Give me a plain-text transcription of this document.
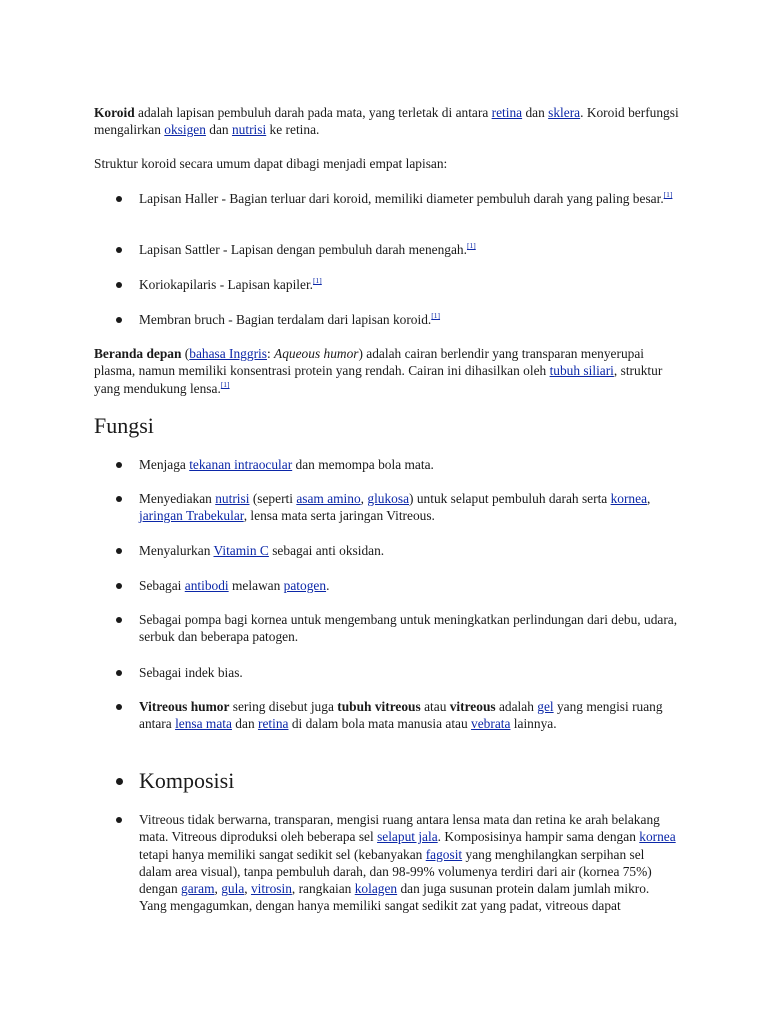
Koroid adalah lapisan pembuluh darah pada mata, yang terletak di antara retina dan sklera. Koroid berfungsi mengalirkan oksigen dan nutrisi ke retina.

Struktur koroid secara umum dapat dibagi menjadi empat lapisan:

Lapisan Haller - Bagian terluar dari koroid, memiliki diameter pembuluh darah yang paling besar.[1]

Lapisan Sattler - Lapisan dengan pembuluh darah menengah.[1]

Koriokapilaris - Lapisan kapiler.[1]

Membran bruch - Bagian terdalam dari lapisan koroid.[1]

Beranda depan (bahasa Inggris: Aqueous humor) adalah cairan berlendir yang transparan menyerupai plasma, namun memiliki konsentrasi protein yang rendah. Cairan ini dihasilkan oleh tubuh siliari, struktur yang mendukung lensa.[1]

Fungsi

Menjaga tekanan intraocular dan memompa bola mata.

Menyediakan nutrisi (seperti asam amino, glukosa) untuk selaput pembuluh darah serta kornea, jaringan Trabekular, lensa mata serta jaringan Vitreous.

Menyalurkan Vitamin C sebagai anti oksidan.

Sebagai antibodi melawan patogen.

Sebagai pompa bagi kornea untuk mengembang untuk meningkatkan perlindungan dari debu, udara, serbuk dan beberapa patogen.

Sebagai indek bias.

Vitreous humor sering disebut juga tubuh vitreous atau vitreous adalah gel yang mengisi ruang antara lensa mata dan retina di dalam bola mata manusia atau vebrata lainnya.

Komposisi

Vitreous tidak berwarna, transparan, mengisi ruang antara lensa mata dan retina ke arah belakang mata. Vitreous diproduksi oleh beberapa sel selaput jala. Komposisinya hampir sama dengan kornea tetapi hanya memiliki sangat sedikit sel (kebanyakan fagosit yang menghilangkan serpihan sel dalam area visual), tanpa pembuluh darah, dan 98-99% volumenya terdiri dari air (kornea 75%) dengan garam, gula, vitrosin, rangkaian kolagen dan juga susunan protein dalam jumlah mikro. Yang mengagumkan, dengan hanya memiliki sangat sedikit zat yang padat, vitreous dapat
